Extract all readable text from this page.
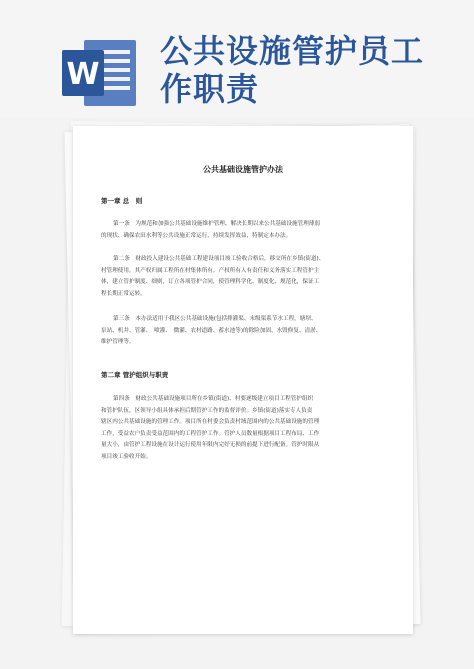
W
公共设施管护员工
作职责
公共基础设施管护办法
第一章 总　则
第一条　为规范和加强公共基础设施维护管理、解决长期以来公共基础设施管理薄弱
的现状、确保农田水利等公共设施正常运行，持续发挥效益，特制定本办法。
第二条　财政投入建设公共基础工程建设项目竣工验收合格后，移交所在乡镇(街道)、
村管理使用。其产权归属工程所在村集体所有。产权所有人有责任和义务落实工程管护主
体，建立管护制度、细则，订立各项管护合同，使管理科学化、制度化、规范化，保证工
程长期正常运转。
第三条　本办法适用于我区公共基础设施(包括排灌渠、末级渠系节水工程，塘坝、
泵站、机井、管灌、　喷灌、　微灌、农村道路、蓄水池等)的除险加固、水毁修复、清淤、
维护管理等。
第二章 管护组织与职责
第四条　财政公共基础设施项目所在乡镇(街道)、村要逐级建立项目工程管护组织
和管护队伍，区领导小组具体承担后期管护工作的监督评价。乡镇(街道)落实专人负责
辖区内公共基础设施的管理工作。项目所在村委会负责村域范围内的公共基础设施的管理
工作，受益农户负责受益范围内的工程管护工作。管护人员数量根据项目工程布局、工作
量大小，由管护工程设施在设计运行使用年限内完好无损的前提下进行配备。管护时限从
项目竣工验收开始。
